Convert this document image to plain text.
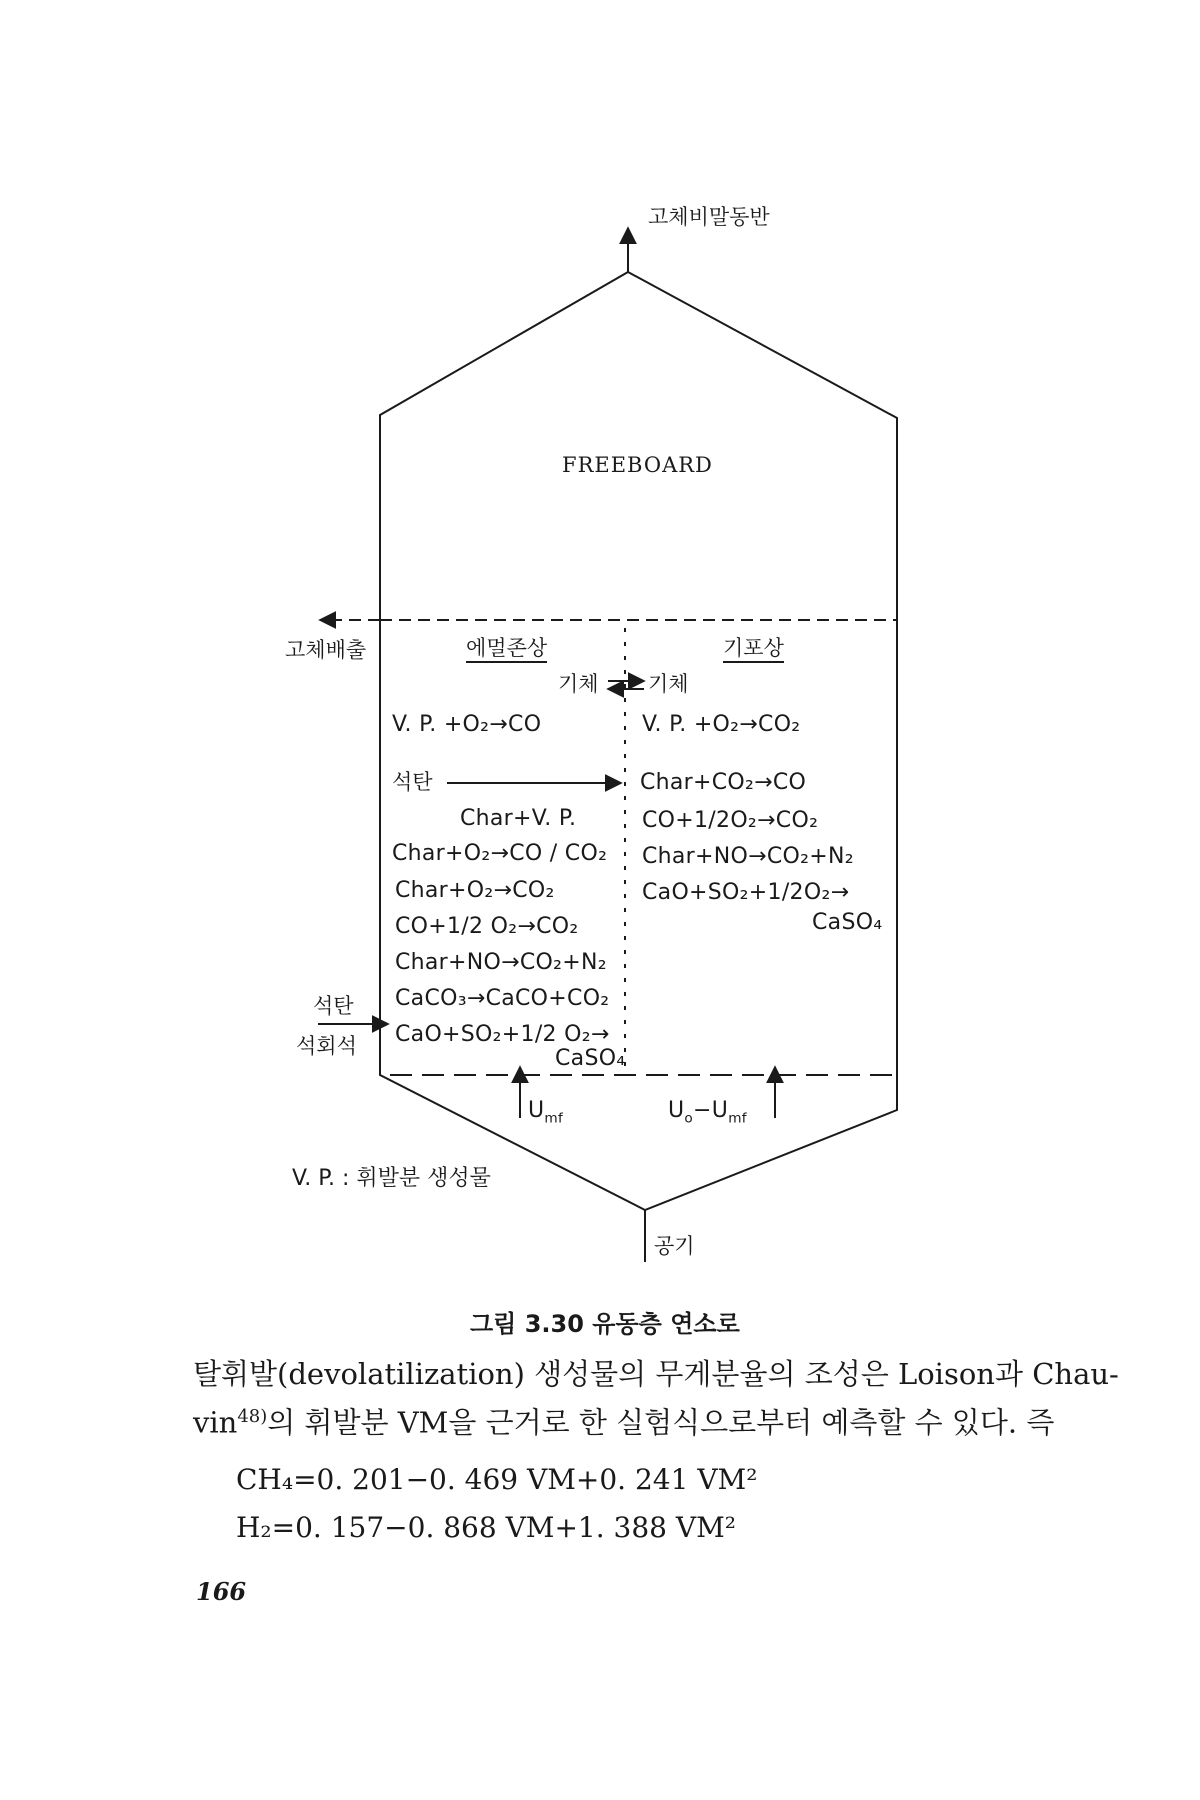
고체비말동반
FREEBOARD
고체배출	에멀존상	기포상
기체 기체
V. P. +O₂→CO
석탄
Char+V. P.
Char+O₂→CO / CO₂
Char+O₂→CO₂
CO+1/2 O₂→CO₂
Char+NO→CO₂+N₂
CaCO₃→CaCO+CO₂
CaO+SO₂+1/2 O₂→
CaSO₄
V. P. +O₂→CO₂
Char+CO₂→CO
CO+1/2O₂→CO₂
Char+NO→CO₂+N₂
CaO+SO₂+1/2O₂→
CaSO₄
석탄
석회석
$U_{mf}$	$U_o-U_{mf}$
공기
V. P. : 휘발분 생성물
그림 3.30 유동층 연소로
탈휘발(devolatilization) 생성물의 무게분율의 조성은 Loison과 Chau-
vin$^{48)}$의 휘발분 VM을 근거로 한 실험식으로부터 예측할 수 있다. 즉
CH₄=0. 201−0. 469 VM+0. 241 VM²
H₂=0. 157−0. 868 VM+1. 388 VM²
166
